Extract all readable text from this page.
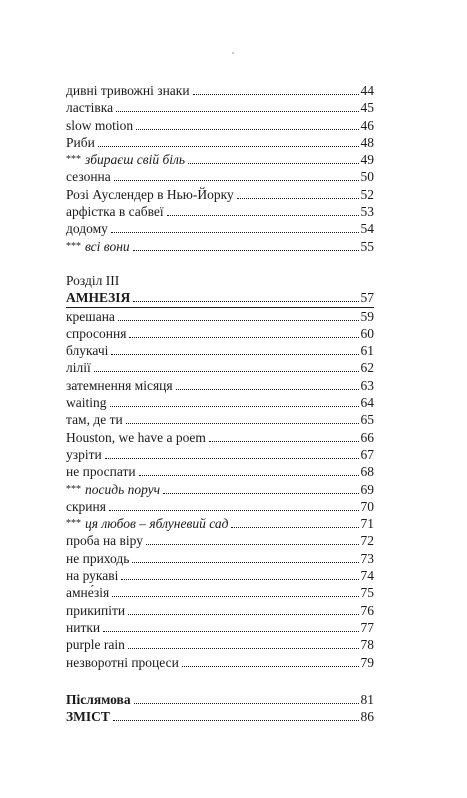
дивні тривожні знаки	44
ластівка	45
slow motion	46
Риби	48
*** збираєш свій біль	49
сезонна	50
Розі Ауслендер в Нью-Йорку	52
арфістка в сабвеї	53
додому	54
*** всі вони	55
Розділ III
АМНЕЗІЯ	57
крешана	59
спросоння	60
блукачі	61
лілії	62
затемнення місяця	63
waiting	64
там, де ти	65
Houston, we have a poem	66
узріти	67
не проспати	68
*** посидь поруч	69
скриня	70
*** ця любов – яблуневий сад	71
проба на віру	72
не приходь	73
на рукаві	74
амне́зія	75
прикипіти	76
нитки	77
purple rain	78
незворотні процеси	79
Післямова	81
ЗМІСТ	86
